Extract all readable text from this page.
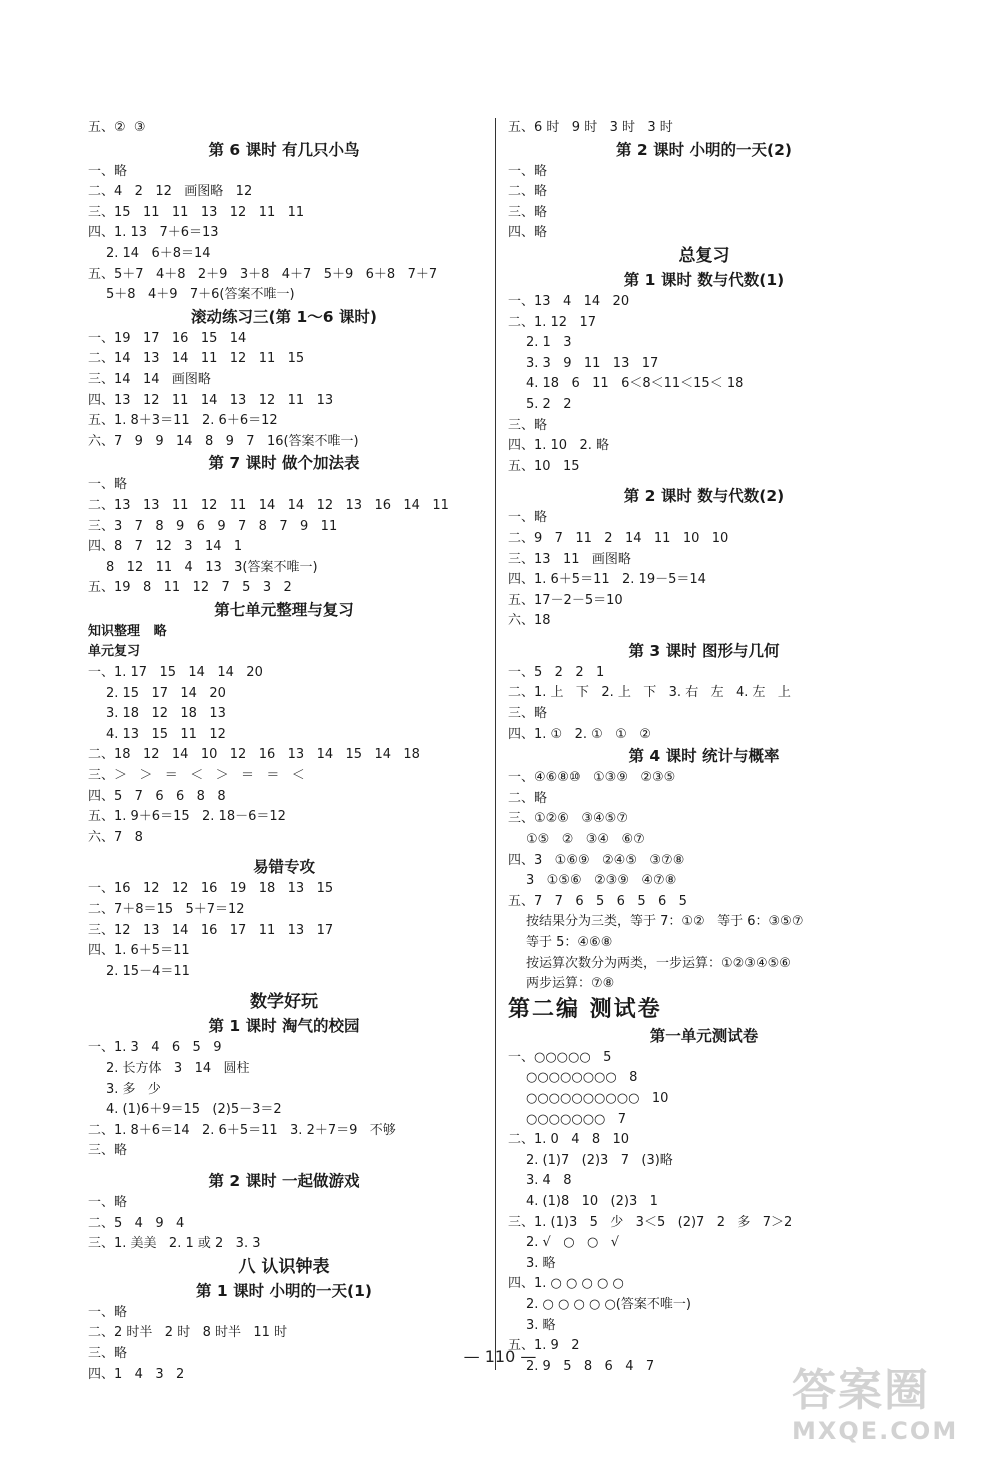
五、②  ③
第 6 课时 有几只小鸟
一、略
二、4   2   12   画图略   12
三、15   11   11   13   12   11   11
四、1. 13   7＋6＝13
2. 14   6＋8＝14
五、5＋7   4＋8   2＋9   3＋8   4＋7   5＋9   6＋8   7＋7
5＋8   4＋9   7＋6(答案不唯一)
滚动练习三(第 1～6 课时)
一、19   17   16   15   14
二、14   13   14   11   12   11   15
三、14   14   画图略
四、13   12   11   14   13   12   11   13
五、1. 8＋3＝11   2. 6＋6＝12
六、7   9   9   14   8   9   7   16(答案不唯一)
第 7 课时 做个加法表
一、略
二、13   13   11   12   11   14   14   12   13   16   14   11
三、3   7   8   9   6   9   7   8   7   9   11
四、8   7   12   3   14   1
8   12   11   4   13   3(答案不唯一)
五、19   8   11   12   7   5   3   2
第七单元整理与复习
知识整理   略
单元复习
一、1. 17   15   14   14   20
2. 15   17   14   20
3. 18   12   18   13
4. 13   15   11   12
二、18   12   14   10   12   16   13   14   15   14   18
三、＞   ＞   ＝   ＜   ＞   ＝   ＝   ＜
四、5   7   6   6   8   8
五、1. 9＋6＝15   2. 18－6＝12
六、7   8
易错专攻
一、16   12   12   16   19   18   13   15
二、7＋8＝15   5＋7＝12
三、12   13   14   16   17   11   13   17
四、1. 6＋5＝11
2. 15－4＝11
数学好玩
第 1 课时 淘气的校园
一、1. 3   4   6   5   9
2. 长方体   3   14   圆柱
3. 多   少
4. (1)6＋9＝15   (2)5－3＝2
二、1. 8＋6＝14   2. 6＋5＝11   3. 2＋7＝9   不够
三、略
第 2 课时 一起做游戏
一、略
二、5   4   9   4
三、1. 美美   2. 1 或 2   3. 3
八 认识钟表
第 1 课时 小明的一天(1)
一、略
二、2 时半   2 时   8 时半   11 时
三、略
四、1   4   3   2
五、6 时   9 时   3 时   3 时
第 2 课时 小明的一天(2)
一、略
二、略
三、略
四、略
总复习
第 1 课时 数与代数(1)
一、13   4   14   20
二、1. 12   17
2. 1   3
3. 3   9   11   13   17
4. 18   6   11   6＜8＜11＜15＜ 18
5. 2   2
三、略
四、1. 10   2. 略
五、10   15
第 2 课时 数与代数(2)
一、略
二、9   7   11   2   14   11   10   10
三、13   11   画图略
四、1. 6＋5＝11   2. 19－5＝14
五、17－2－5＝10
六、18
第 3 课时 图形与几何
一、5   2   2   1
二、1. 上   下   2. 上   下   3. 右   左   4. 左   上
三、略
四、1. ①   2. ①   ①   ②
第 4 课时 统计与概率
一、④⑥⑧⑩   ①③⑨   ②③⑤
二、略
三、①②⑥   ③④⑤⑦
①⑤   ②   ③④   ⑥⑦
四、3   ①⑥⑨   ②④⑤   ③⑦⑧
3   ①⑤⑥   ②③⑨   ④⑦⑧
五、7   7   6   5   6   5   6   5
按结果分为三类，等于 7：①②   等于 6：③⑤⑦
等于 5：④⑥⑧
按运算次数分为两类，一步运算：①②③④⑤⑥
两步运算：⑦⑧
第二编 测试卷
第一单元测试卷
一、○○○○○   5
○○○○○○○○   8
○○○○○○○○○○   10
○○○○○○○   7
二、1. 0   4   8   10
2. (1)7   (2)3   7   (3)略
3. 4   8
4. (1)8   10   (2)3   1
三、1. (1)3   5   少   3＜5   (2)7   2   多   7＞2
2. √   ○   ○   √
3. 略
四、1. ○ ○ ○ ○ ○
2. ○ ○ ○ ○ ○(答案不唯一)
3. 略
五、1. 9   2
2. 9   5   8   6   4   7
— 110 —
答案圈
MXQE.COM
